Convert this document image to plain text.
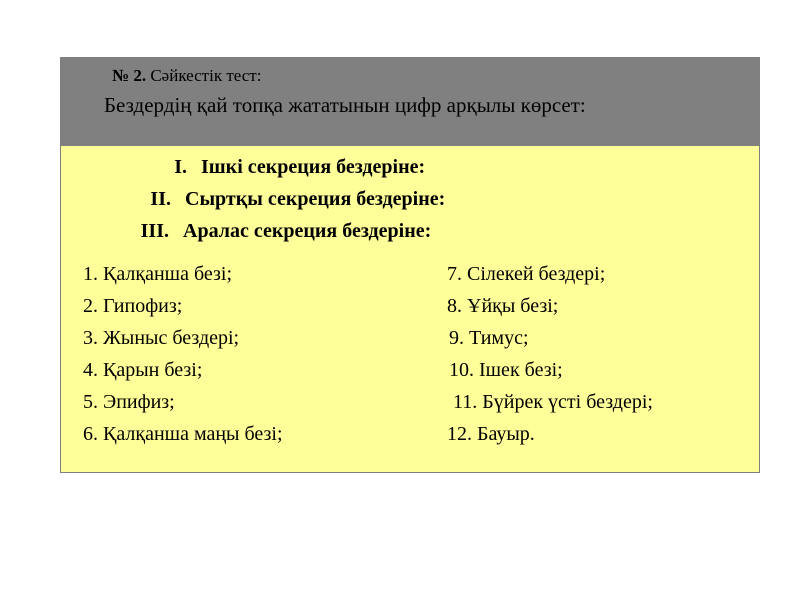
№ 2. Сәйкестік тест:
Бездердің қай топқа жататынын цифр арқылы көрсет:
I. Ішкі секреция бездеріне:
II. Сыртқы секреция бездеріне:
III. Аралас секреция бездеріне:
1. Қалқанша безі;
2. Гипофиз;
3. Жыныс бездері;
4. Қарын безі;
5. Эпифиз;
6. Қалқанша маңы безі;
7. Сілекей бездері;
8. Ұйқы безі;
9. Тимус;
10. Ішек безі;
11. Бүйрек үсті бездері;
12. Бауыр.
